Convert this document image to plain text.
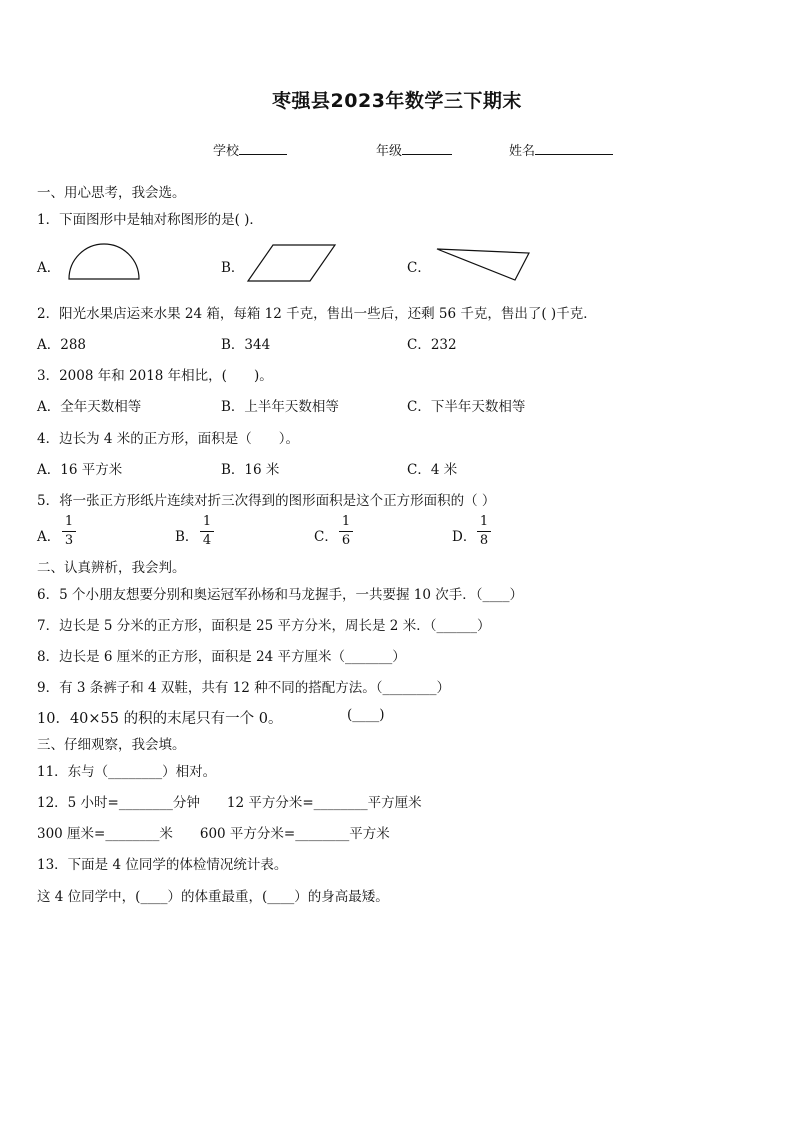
枣强县2023年数学三下期末
学校	年级	姓名
一、用心思考，我会选。
1．下面图形中是轴对称图形的是( )．
A．	B．	C．
2．阳光水果店运来水果 24 箱，每箱 12 千克，售出一些后，还剩 56 千克，售出了( )千克．
A．288	B．344	C．232
3．2008 年和 2018 年相比，(　　)。
A．全年天数相等	B．上半年天数相等	C．下半年天数相等
4．边长为 4 米的正方形，面积是（　　）。
A．16 平方米	B．16 米	C．4 米
5．将一张正方形纸片连续对折三次得到的图形面积是这个正方形面积的（ ）
A．
1
3	B．
1
4	C．
1
6	D．
1
8
二、认真辨析，我会判。
6．5 个小朋友想要分别和奥运冠军孙杨和马龙握手，一共要握 10 次手．（____）
7．边长是 5 分米的正方形，面积是 25 平方分米，周长是 2 米．（______）
8．边长是 6 厘米的正方形，面积是 24 平方厘米（_______）
9．有 3 条裤子和 4 双鞋，共有 12 种不同的搭配方法。（________）
10．40×55 的积的末尾只有一个 0。	(____)
三、仔细观察，我会填。
11．东与（________）相对。
12．5 小时=________分钟　　12 平方分米=________平方厘米
300 厘米=________米　　600 平方分米=________平方米
13．下面是 4 位同学的体检情况统计表。
这 4 位同学中，(____）的体重最重，(____）的身高最矮。
